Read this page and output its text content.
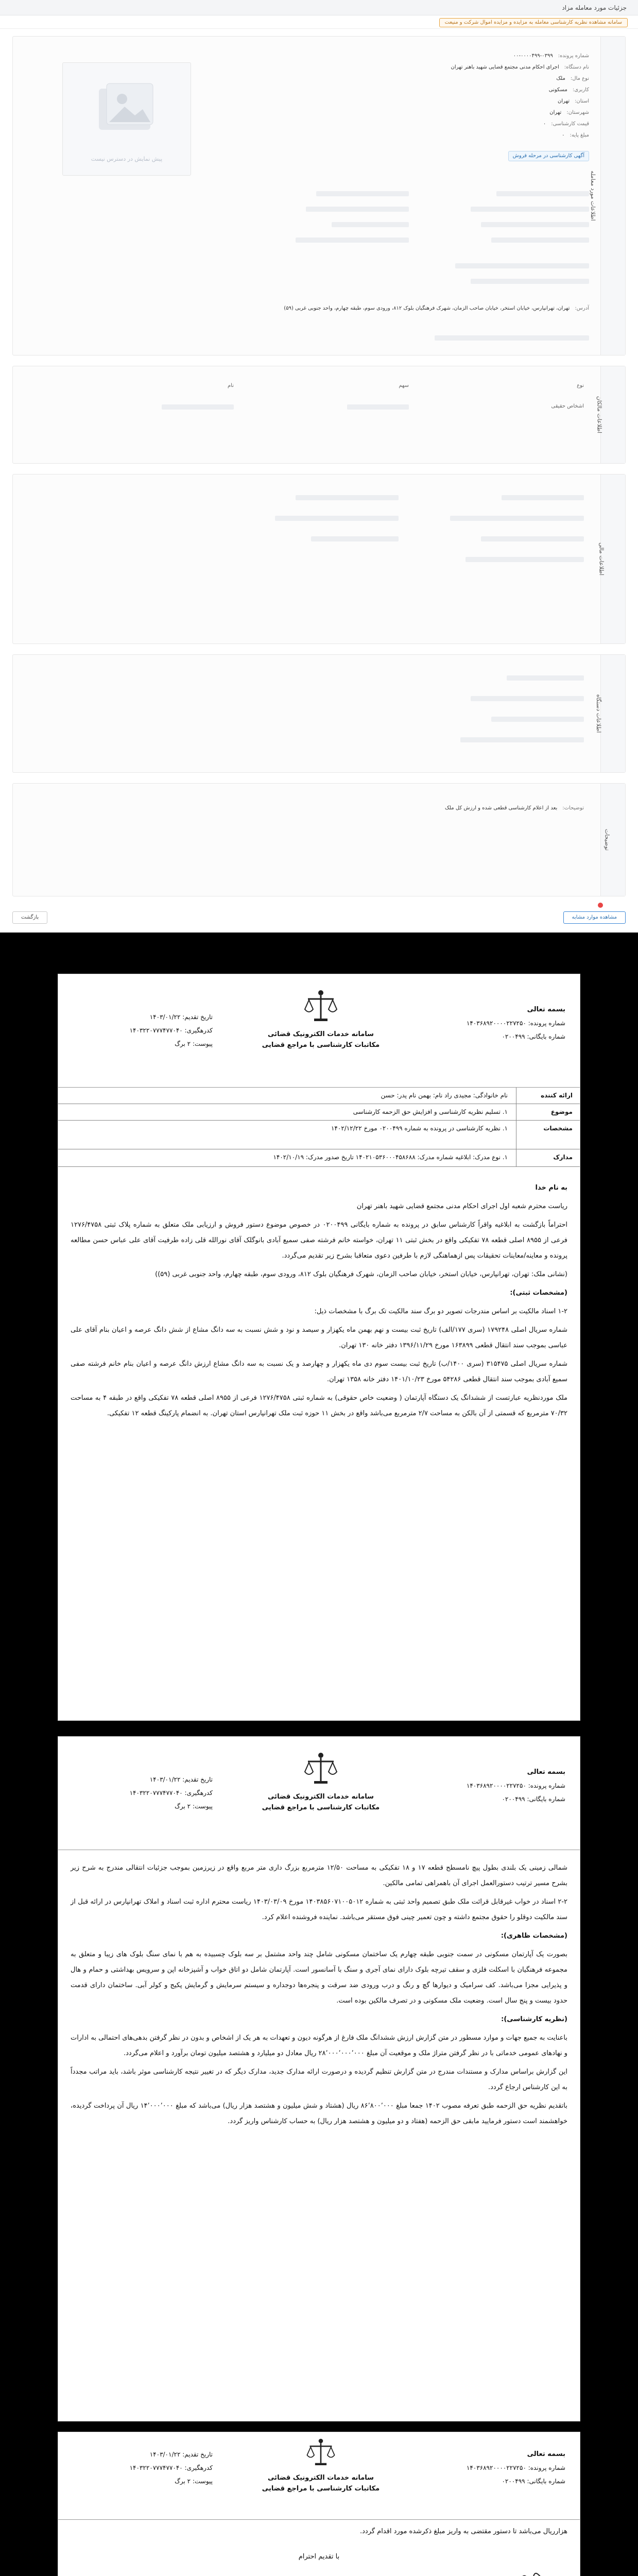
جزئیات مورد معامله مزاد
سامانه مشاهده نظریه کارشناسی معامله به مزایده و مزایده اموال شرکت و منیعت
اطلاعات مورد معامله
پیش نمایش در دسترس نیست
شماره پرونده:۰۳۹۹-۰۰۰۰۴۹۹-۰۰
نام دستگاه:اجرای احکام مدنی مجتمع قضایی شهید باهنر تهران
نوع مال:ملک
کاربری:مسکونی
استان:تهران
شهرستان:تهران
قیمت کارشناسی:۰
مبلغ پایه:۰
آگهی کارشناسی در مرحله فروش
آدرس:تهران، تهرانپارس، خیابان استخر، خیابان صاحب الزمان، شهرک فرهنگیان بلوک ۸۱۲، ورودی سوم، طبقه چهارم، واحد جنوبی غربی (۵۹)
اطلاعات مالکان
نوع
سهم
نام
اشخاص حقیقی
اطلاعات مالی
اطلاعات دستگاه
توضیحات
توضیحات:بعد از اعلام کارشناسی قطعی شده و ارزش کل ملک
مشاهده موارد مشابه
بازگشت
بسمه تعالی
شماره پرونده: ۱۴۰۳۶۸۹۲۰۰۰۰۲۲۷۲۵۰
شماره بایگانی: ۰۲۰۰۴۹۹
سامانه خدمات الکترونیک قضائی
مکاتبات کارشناسی با مراجع قضایی
تاریخ تقدیم: ۱۴۰۳/۰۱/۲۲
کدرهگیری: ۱۴۰۳۲۲۰۷۷۷۴۷۷۰۴۰
پیوست: ۲ برگ
ارائه کننده
نام خانوادگی: مجیدی راد نام: بهمن نام پدر: حسن
موضوع
۱. تسلیم نظریه کارشناسی و افزایش حق الزحمه کارشناسی
مشخصات
۱. نظریه کارشناسی در پرونده به شماره ۰۲۰۰۴۹۹ مورخ ۱۴۰۲/۱۲/۲۲
مدارک
۱. نوع مدرک: ابلاغیه شماره مدرک: ۱۴۰۲۱۰۵۳۶۰۰۰۴۵۸۶۸۸ تاریخ صدور مدرک: ۱۴۰۲/۱۰/۱۹

به نام خدا

ریاست محترم شعبه اول اجرای احکام مدنی مجتمع قضایی شهید باهنر تهران

احتراماً بازگشت به ابلاغیه واقراً کارشناس سابق در پرونده به شماره بایگانی ۰۲۰۰۴۹۹ در خصوص موضوع دستور فروش و ارزیابی ملک متعلق به شماره پلاک ثبتی ۱۲۷۶/۴۷۵۸ فرعی از ۸۹۵۵ اصلی قطعه ۷۸ تفکیکی واقع در بخش ثبتی ۱۱ تهران، خواسته خانم فرشته صفی سمیع آبادی بانوگلک آقای نورالله قلی زاده طرفیت آقای علی عباس حسن مطالعه پرونده و معاینه/معاینات تحقیقات پس ازهماهنگی لازم با طرفین دعوی متعاقبا بشرح زیر تقدیم می‌گردد.

(نشانی ملک: تهران، تهرانپارس، خیابان استخر، خیابان صاحب الزمان، شهرک فرهنگیان بلوک ۸۱۲، ورودی سوم، طبقه چهارم، واحد جنوبی غربی (۵۹))

(مشخصات ثبتی):

۱-۲ اسناد مالکیت بر اساس مندرجات تصویر دو برگ سند مالکیت تک برگ با مشخصات ذیل:

شماره سریال اصلی ۱۷۹۲۴۸ (سری ۱۷۷/الف) تاریخ ثبت بیست و نهم بهمن ماه یکهزار و سیصد و نود و شش نسبت به سه دانگ مشاع از شش دانگ عرصه و اعیان بنام آقای علی عباسی بموجب سند انتقال قطعی ۱۶۳۸۹۹ مورخ ۱۳۹۶/۱۱/۲۹ دفتر خانه ۱۳۰ تهران.

شماره سریال اصلی ۳۱۵۴۷۵ (سری ۱۴۰۰/ب) تاریخ ثبت بیست سوم دی ماه یکهزار و چهارصد و یک نسبت به سه دانگ مشاع ارزش دانگ عرصه و اعیان بنام خانم فرشته صفی سمیع آبادی بموجب سند انتقال قطعی ۵۴۲۸۶ مورخ ۱۴۰۱/۱۰/۲۳ دفتر خانه ۱۳۵۸ تهران.

ملک موردنظریه عبارتست از ششدانگ یک دستگاه آپارتمان ( وضعیت خاص حقوقی) به شماره ثبتی ۱۲۷۶/۴۷۵۸ فرعی از ۸۹۵۵ اصلی قطعه ۷۸ تفکیکی واقع در طبقه ۴ به مساحت ۷۰/۳۲ مترمربع که قسمتی از آن بالکن به مساحت ۲/۷ مترمربع می‌باشد واقع در بخش ۱۱ حوزه ثبت ملک تهرانپارس استان تهران. به انضمام پارکینگ قطعه ۱۲ تفکیکی.

بسمه تعالی
شماره پرونده: ۱۴۰۳۶۸۹۲۰۰۰۰۲۲۷۲۵۰
شماره بایگانی: ۰۲۰۰۴۹۹
سامانه خدمات الکترونیک قضائی
مکاتبات کارشناسی با مراجع قضایی
تاریخ تقدیم: ۱۴۰۳/۰۱/۲۲
کدرهگیری: ۱۴۰۳۲۲۰۷۷۷۴۷۷۰۴۰
پیوست: ۲ برگ

شمالی زمینی یک بلندی بطول پیچ نامسطح قطعه ۱۷ و ۱۸ تفکیکی به مساحت ۱۲/۵۰ مترمربع بزرگ داری متر مربع واقع در زیرزمین بموجب جزئیات انتقالی مندرج به شرح زیر بشرح مسیر ترتیب دستورالعمل اجرای آن باهمراهی تمامی مالکین.

۲-۲ اسناد در خواب غیرقابل قرائت ملک طبق تصمیم واحد ثبتی به شماره ۱۴۰۳۸۵۶۰۷۱۰۰۵۰۱۲ مورخ ۱۴۰۳/۰۳/۰۹ ریاست محترم اداره ثبت اسناد و املاک تهرانپارس در ارائه قبل از سند مالکیت دوقلو را حقوق مجتمع داشته و چون تعمیر چینی فوق مستقر می‌باشد. نماینده فروشنده اعلام کرد.

(مشخصات ظاهری):

بصورت یک آپارتمان مسکونی در سمت جنوبی طبقه چهارم یک ساختمان مسکونی شامل چند واحد مشتمل بر سه بلوک چسبیده به هم با نمای سنگ بلوک های زیبا و متعلق به مجموعه فرهنگیان با اسکلت فلزی و سقف تیرچه بلوک دارای نمای آجری و سنگ با آسانسور است. آپارتمان شامل دو اتاق خواب و آشپزخانه اپن و سرویس بهداشتی و حمام و هال و پذیرایی مجزا می‌باشد. کف سرامیک و دیوارها گچ و رنگ و درب ورودی ضد سرقت و پنجره‌ها دوجداره و سیستم سرمایش و گرمایش پکیج و کولر آبی. ساختمان دارای قدمت حدود بیست و پنج سال است. وضعیت ملک مسکونی و در تصرف مالکین بوده است.

(نظریه کارشناسی):

باعنایت به جمیع جهات و موارد مسطور در متن گزارش ارزش ششدانگ ملک فارغ از هرگونه دیون و تعهدات به هر یک از اشخاص و بدون در نظر گرفتن بدهی‌های احتمالی به ادارات و نهادهای عمومی خدماتی با در نظر گرفتن متراژ ملک و موقعیت آن مبلغ ۲۸٬۰۰۰٬۰۰۰٬۰۰۰ ریال معادل دو میلیارد و هشتصد میلیون تومان برآورد و اعلام می‌گردد.

این گزارش براساس مدارک و مستندات مندرج در متن گزارش تنظیم گردیده و درصورت ارائه مدارک جدید، مدارک دیگر که در تغییر نتیجه کارشناسی موثر باشد، باید مراتب مجدداً به این کارشناس ارجاع گردد.

باتقدیم نظریه حق الزحمه طبق تعرفه مصوب ۱۴۰۲ جمعا مبلغ ۸۶٬۸۰۰٬۰۰۰ ریال (هشتاد و شش میلیون و هشتصد هزار ریال) می‌باشد که مبلغ ۱۴٬۰۰۰٬۰۰۰ ریال آن پرداخت گردیده، خواهشمند است دستور فرمایید مابقی حق الزحمه (هفتاد و دو میلیون و هشتصد هزار ریال) به حساب کارشناس واریز گردد.

بسمه تعالی
شماره پرونده: ۱۴۰۳۶۸۹۲۰۰۰۰۲۲۷۲۵۰
شماره بایگانی: ۰۲۰۰۴۹۹
سامانه خدمات الکترونیک قضائی
مکاتبات کارشناسی با مراجع قضایی
تاریخ تقدیم: ۱۴۰۳/۰۱/۲۲
کدرهگیری: ۱۴۰۳۲۲۰۷۷۷۴۷۷۰۴۰
پیوست: ۲ برگ

هزارریال می‌باشد تا دستور مقتضی به واریز مبلغ ذکرشده مورد اقدام گردد.

با تقدیم احترام
